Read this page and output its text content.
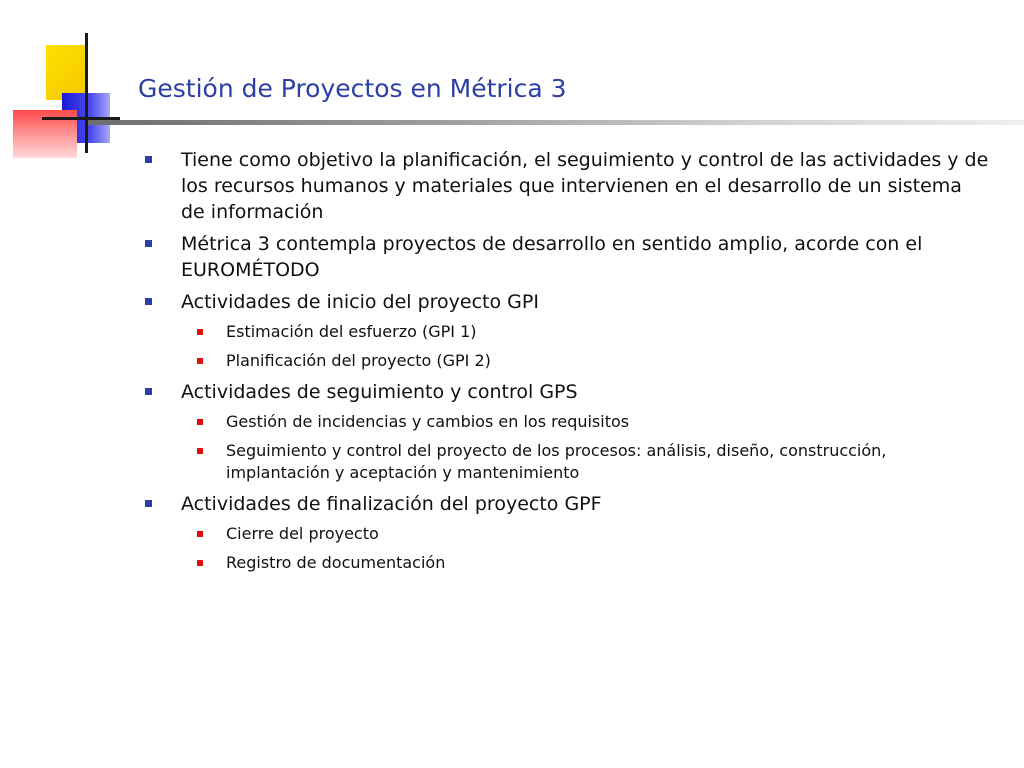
Gestión de Proyectos en Métrica 3
Tiene como objetivo la planificación, el seguimiento y control de las actividades y de los recursos humanos y materiales que intervienen en el desarrollo de un sistema de información
Métrica 3 contempla proyectos de desarrollo en sentido amplio, acorde con el EUROMÉTODO
Actividades de inicio del proyecto GPI
Estimación del esfuerzo (GPI 1)
Planificación del proyecto (GPI 2)
Actividades de seguimiento y control GPS
Gestión de incidencias y cambios en los requisitos
Seguimiento y control del proyecto de los procesos: análisis, diseño, construcción, implantación y aceptación y mantenimiento
Actividades de finalización del proyecto GPF
Cierre del proyecto
Registro de documentación
